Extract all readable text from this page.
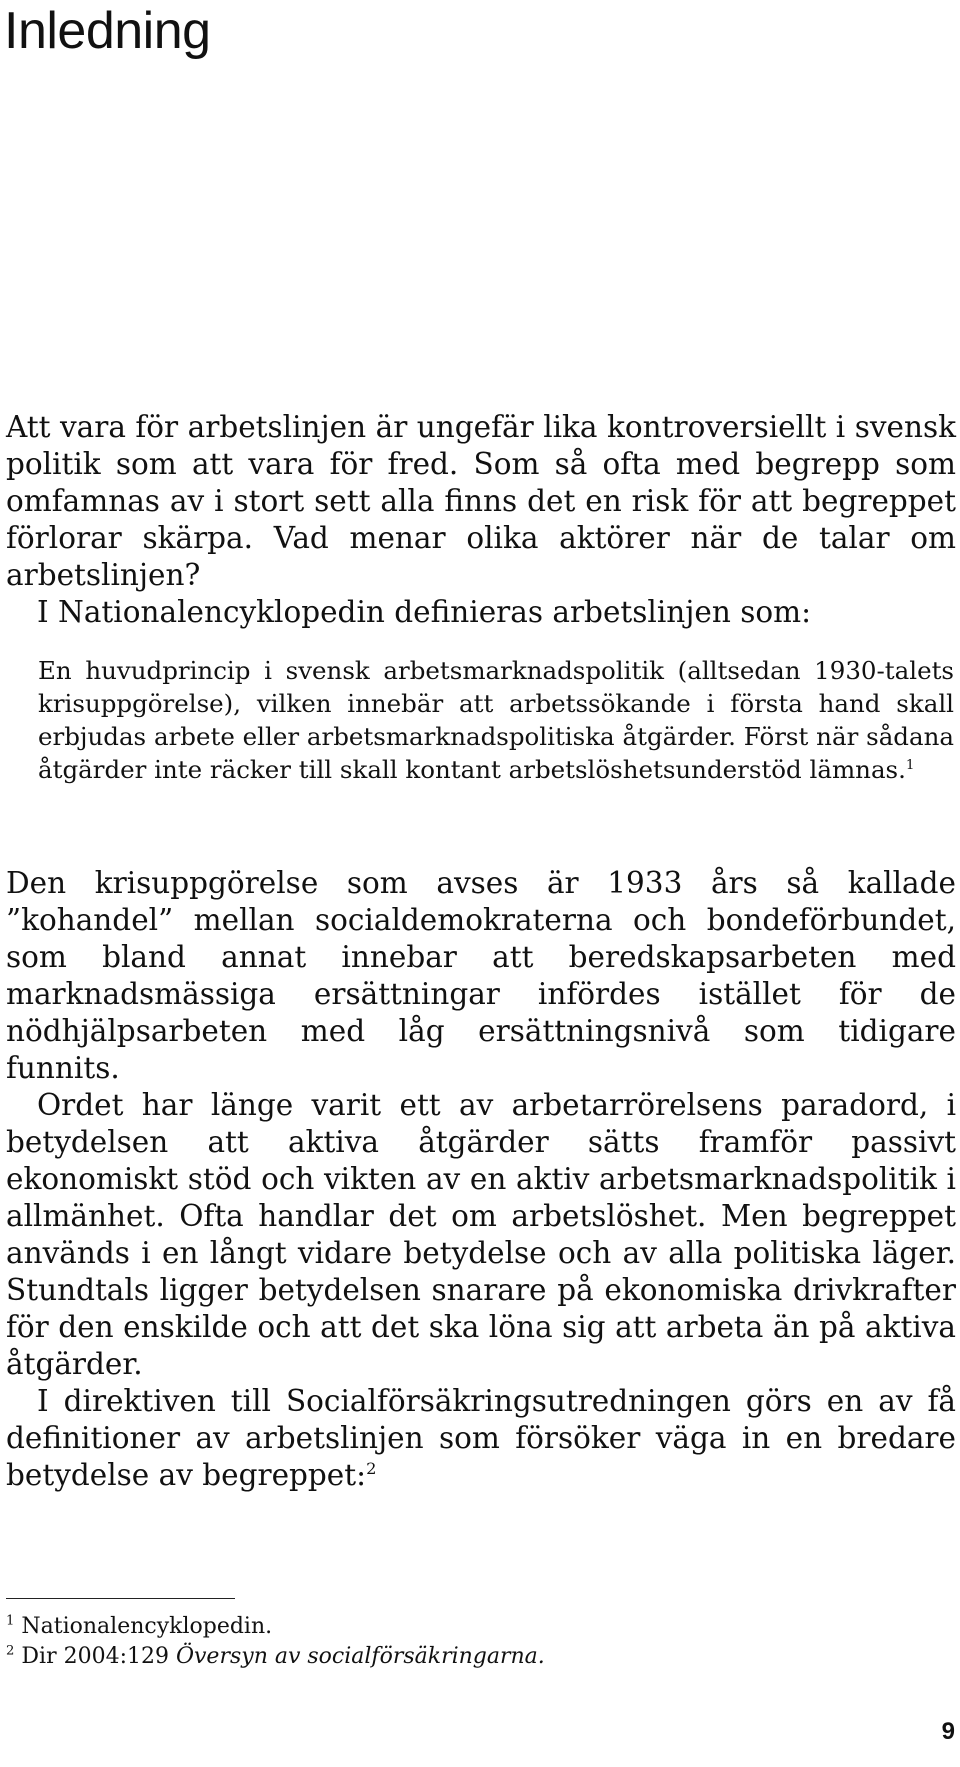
Inledning
Att vara för arbetslinjen är ungefär lika kontroversiellt i svensk politik som att vara för fred. Som så ofta med begrepp som omfamnas av i stort sett alla finns det en risk för att begreppet förlorar skärpa. Vad menar olika aktörer när de talar om arbetslinjen?
I Nationalencyklopedin definieras arbetslinjen som:
En huvudprincip i svensk arbetsmarknadspolitik (alltsedan 1930-talets krisuppgörelse), vilken innebär att arbetssökande i första hand skall erbjudas arbete eller arbetsmarknadspolitiska åtgärder. Först när sådana åtgärder inte räcker till skall kontant arbetslöshetsunderstöd lämnas.$^1$

Den krisuppgörelse som avses är 1933 års så kallade ”kohandel” mellan socialdemokraterna och bondeförbundet, som bland annat innebar att beredskapsarbeten med marknadsmässiga ersättningar infördes istället för de nödhjälpsarbeten med låg ersättningsnivå som tidigare funnits.

Ordet har länge varit ett av arbetarrörelsens paradord, i betydelsen att aktiva åtgärder sätts framför passivt ekonomiskt stöd och vikten av en aktiv arbetsmarknadspolitik i allmänhet. Ofta handlar det om arbetslöshet. Men begreppet används i en långt vidare betydelse och av alla politiska läger. Stundtals ligger betydelsen snarare på ekonomiska drivkrafter för den enskilde och att det ska löna sig att arbeta än på aktiva åtgärder.

I direktiven till Socialförsäkringsutredningen görs en av få definitioner av arbetslinjen som försöker väga in en bredare betydelse av begreppet:$^2$

$^1$ Nationalencyklopedin.
$^2$ Dir 2004:129 Översyn av socialförsäkringarna.
9
